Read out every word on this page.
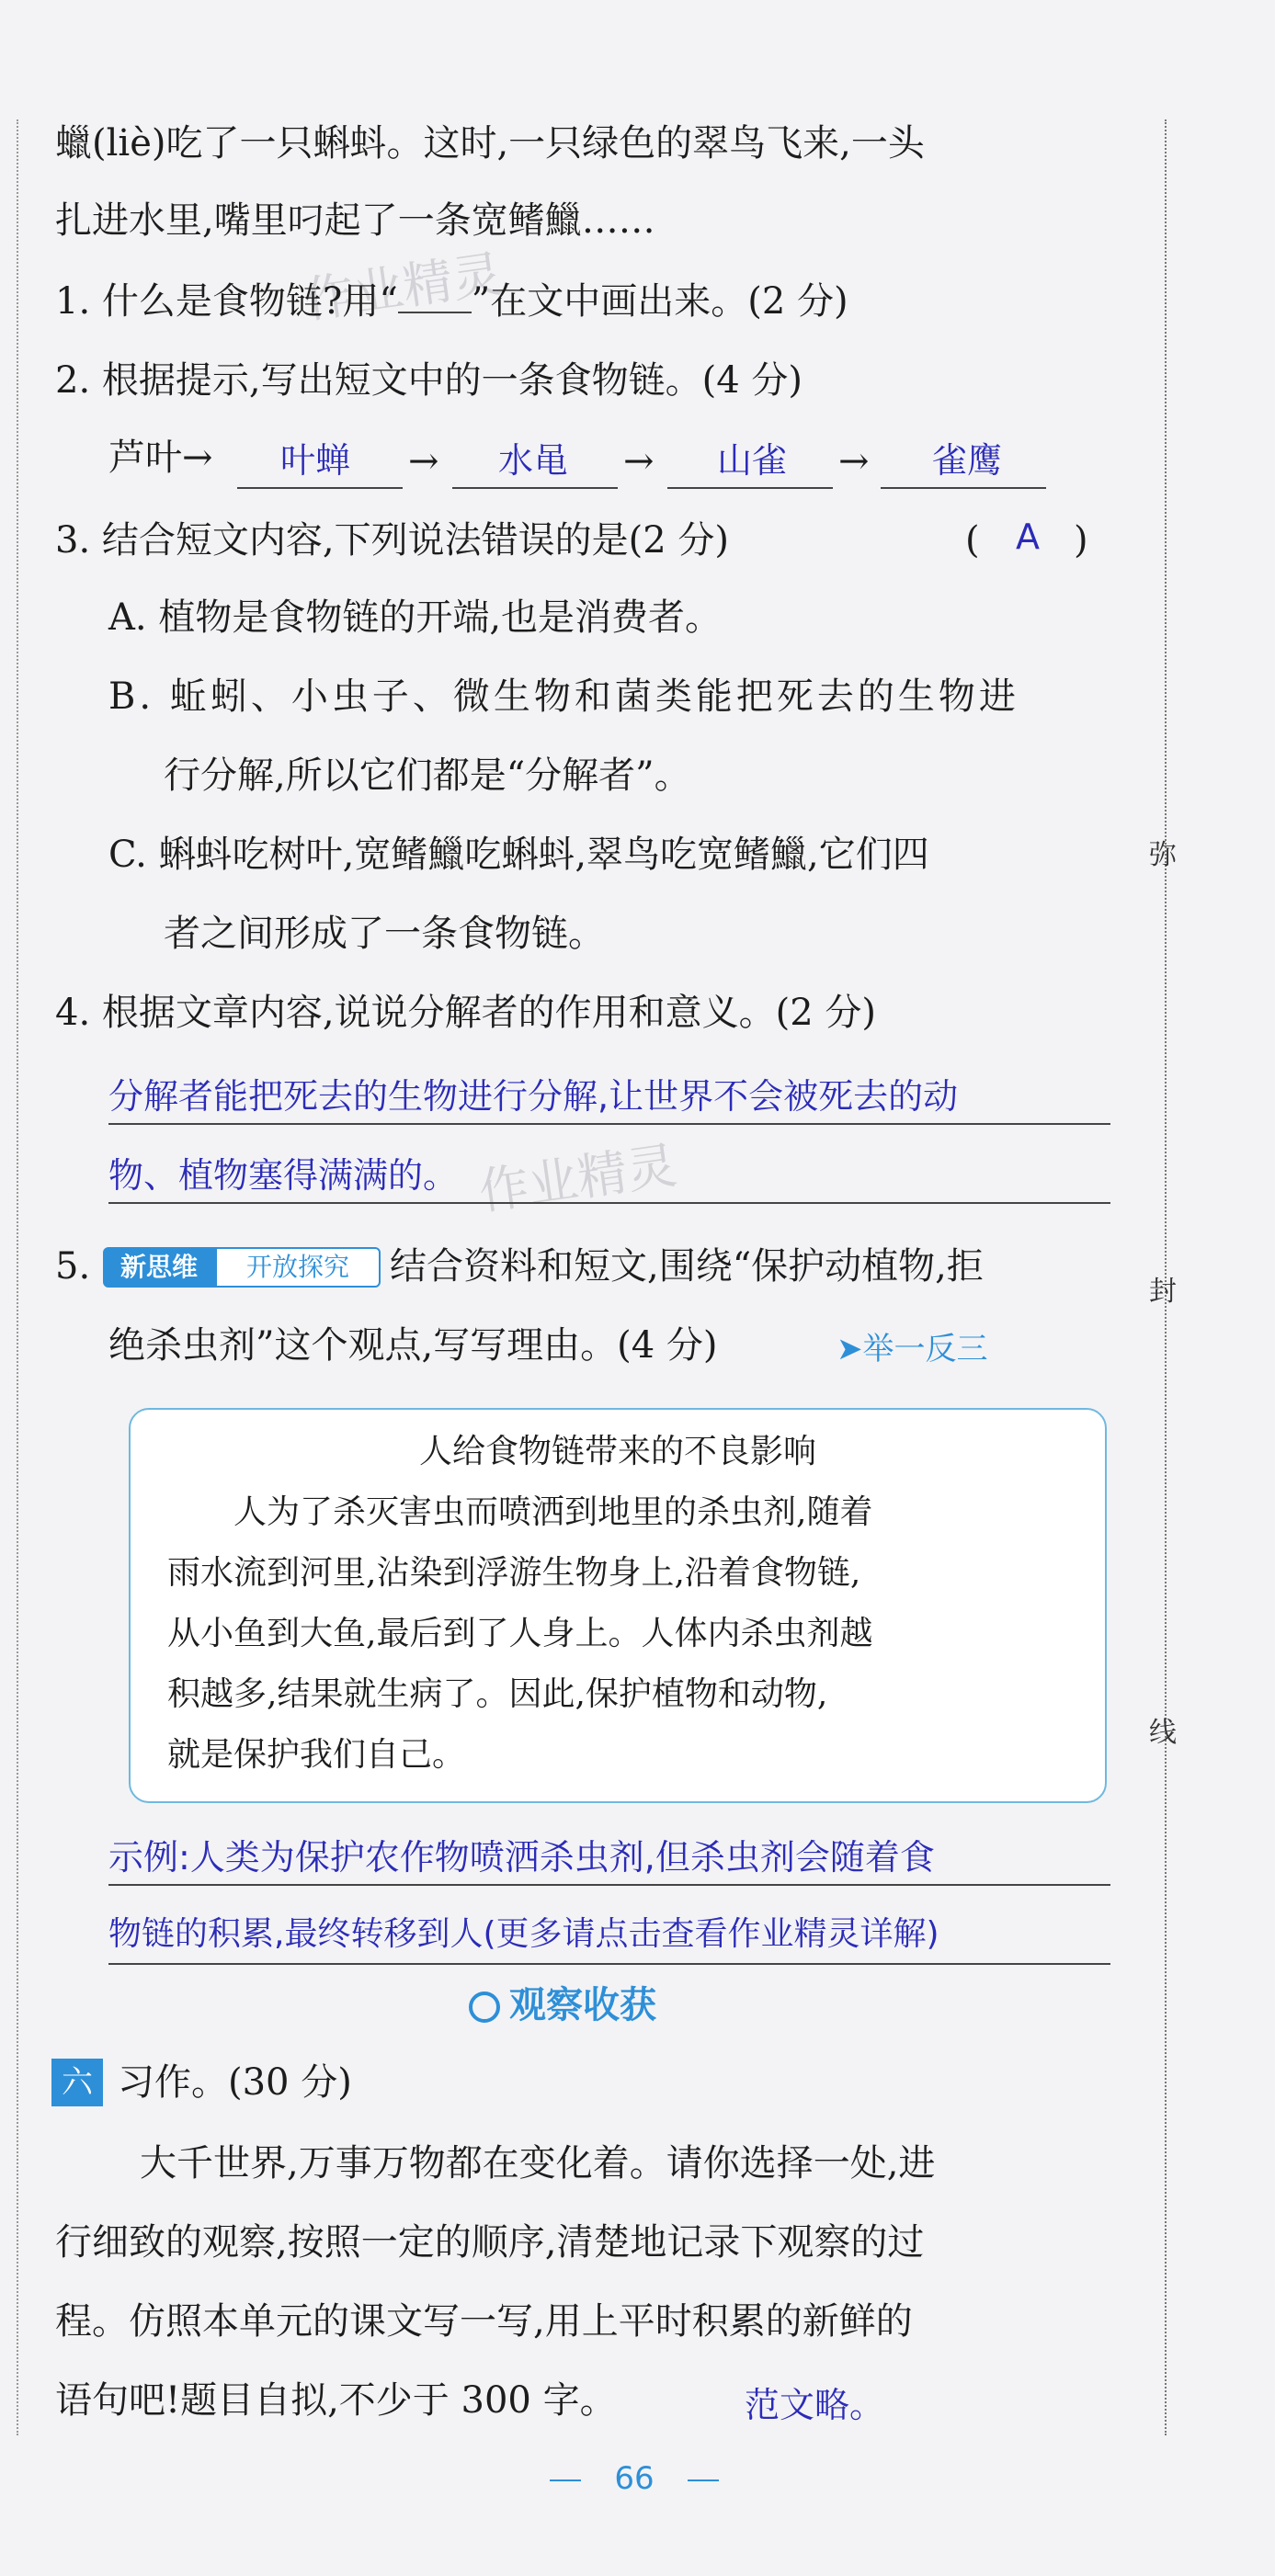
弥
封
线
蠟(liè)吃了一只蝌蚪。这时,一只绿色的翠鸟飞来,一头
扎进水里,嘴里叼起了一条宽鳍鱲……
作业精灵
作业精灵
1. 什么是食物链?用“ ”在文中画出来。(2 分)
2. 根据提示,写出短文中的一条食物链。(4 分)
芦叶→ 叶蝉 → 水黾 → 山雀 → 雀鹰
3. 结合短文内容,下列说法错误的是(2 分)	( A )
A. 植物是食物链的开端,也是消费者。
B. 蚯蚓、小虫子、微生物和菌类能把死去的生物进
行分解,所以它们都是“分解者”。
C. 蝌蚪吃树叶,宽鳍鱲吃蝌蚪,翠鸟吃宽鳍鱲,它们四
者之间形成了一条食物链。
4. 根据文章内容,说说分解者的作用和意义。(2 分)
分解者能把死去的生物进行分解,让世界不会被死去的动
物、植物塞得满满的。
5.	新思维	开放探究	结合资料和短文,围绕“保护动植物,拒
绝杀虫剂”这个观点,写写理由。(4 分)	➤举一反三
人给食物链带来的不良影响
人为了杀灭害虫而喷洒到地里的杀虫剂,随着
雨水流到河里,沾染到浮游生物身上,沿着食物链,
从小鱼到大鱼,最后到了人身上。人体内杀虫剂越
积越多,结果就生病了。因此,保护植物和动物,
就是保护我们自己。
示例:人类为保护农作物喷洒杀虫剂,但杀虫剂会随着食
物链的积累,最终转移到人(更多请点击查看作业精灵详解)
观察收获
六 习作。(30 分)
大千世界,万事万物都在变化着。请你选择一处,进
行细致的观察,按照一定的顺序,清楚地记录下观察的过
程。仿照本单元的课文写一写,用上平时积累的新鲜的
语句吧!题目自拟,不少于 300 字。	范文略。
66
